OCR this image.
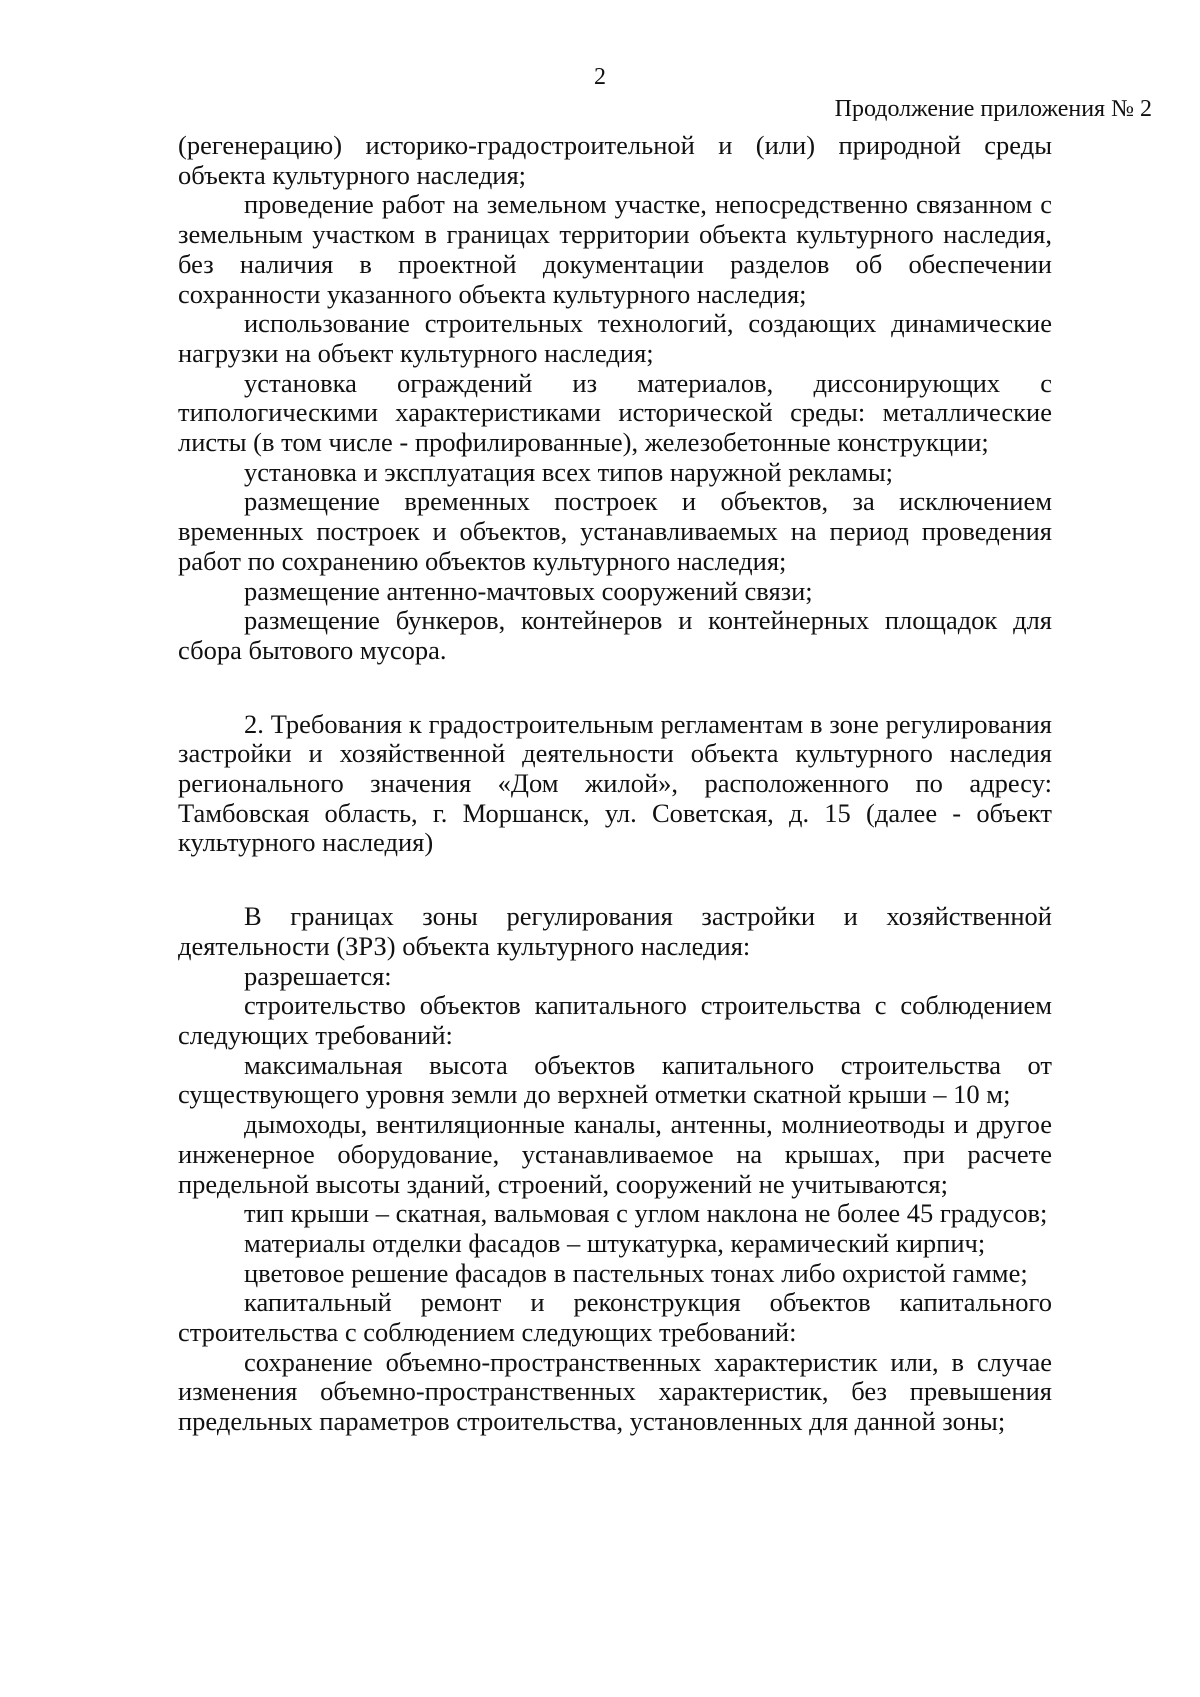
2
Продолжение приложения № 2

(регенерацию) историко-градостроительной и (или) природной среды объекта культурного наследия;

проведение работ на земельном участке, непосредственно связанном с земельным участком в границах территории объекта культурного наследия, без наличия в проектной документации разделов об обеспечении сохранности указанного объекта культурного наследия;

использование строительных технологий, создающих динамические нагрузки на объект культурного наследия;

установка ограждений из материалов, диссонирующих с типологическими характеристиками исторической среды: металлические листы (в том числе - профилированные), железобетонные конструкции;

установка и эксплуатация всех типов наружной рекламы;

размещение временных построек и объектов, за исключением временных построек и объектов, устанавливаемых на период проведения работ по сохранению объектов культурного наследия;

размещение антенно-мачтовых сооружений связи;

размещение бункеров, контейнеров и контейнерных площадок для сбора бытового мусора.

2. Требования к градостроительным регламентам в зоне регулирования застройки и хозяйственной деятельности объекта культурного наследия регионального значения «Дом жилой», расположенного по адресу: Тамбовская область, г. Моршанск, ул. Советская, д. 15 (далее - объект культурного наследия)

В границах зоны регулирования застройки и хозяйственной деятельности (ЗРЗ) объекта культурного наследия:

разрешается:

строительство объектов капитального строительства с соблюдением следующих требований:

максимальная высота объектов капитального строительства от существующего уровня земли до верхней отметки скатной крыши – 10 м;

дымоходы, вентиляционные каналы, антенны, молниеотводы и другое инженерное оборудование, устанавливаемое на крышах, при расчете предельной высоты зданий, строений, сооружений не учитываются;

тип крыши – скатная, вальмовая с углом наклона не более 45 градусов;

материалы отделки фасадов – штукатурка, керамический кирпич;

цветовое решение фасадов в пастельных тонах либо охристой гамме;

капитальный ремонт и реконструкция объектов капитального строительства с соблюдением следующих требований:

сохранение объемно-пространственных характеристик или, в случае изменения объемно-пространственных характеристик, без превышения предельных параметров строительства, установленных для данной зоны;
